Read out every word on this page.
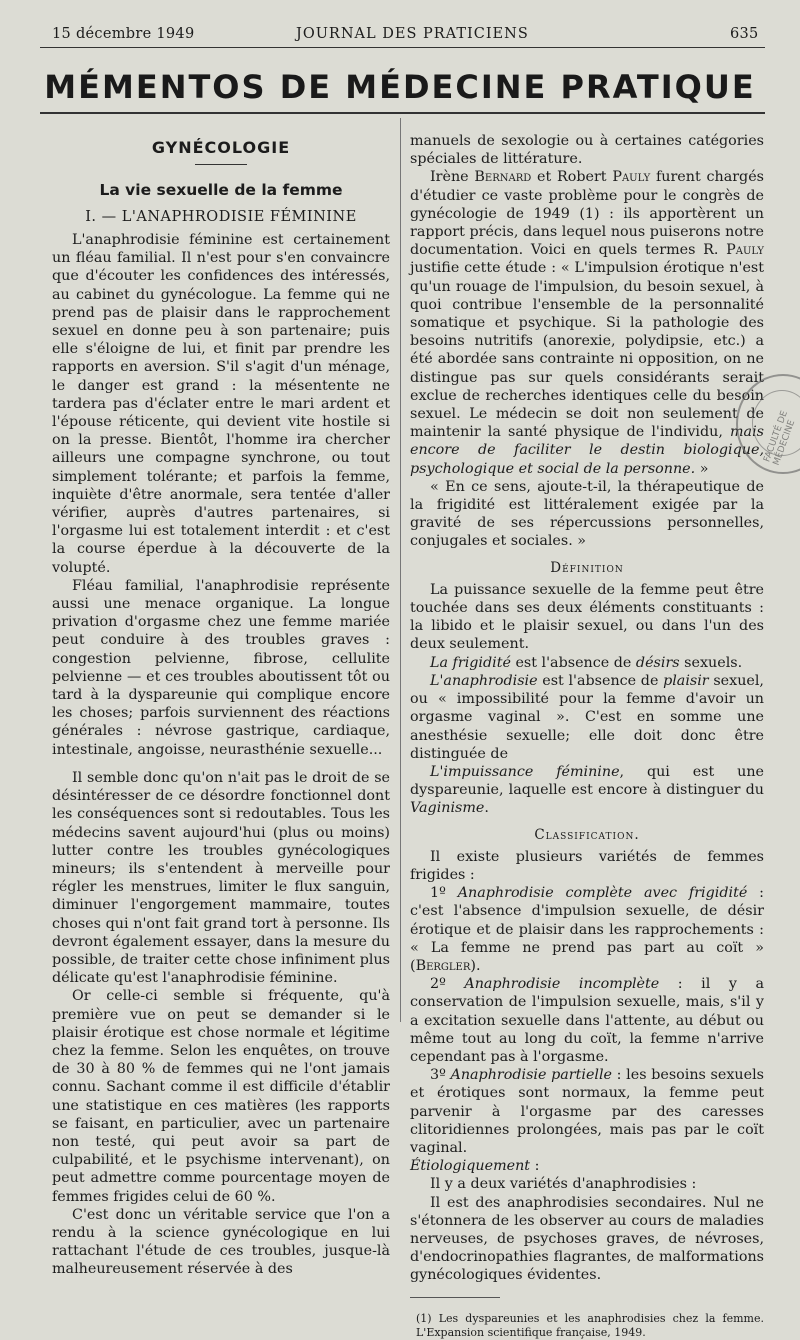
15 décembre 1949	JOURNAL DES PRATICIENS	635
MÉMENTOS DE MÉDECINE PRATIQUE
GYNÉCOLOGIE
La vie sexuelle de la femme
I. — L'ANAPHRODISIE FÉMININE

L'anaphrodisie féminine est certainement un fléau familial. Il n'est pour s'en convaincre que d'écouter les confidences des intéressés, au cabinet du gynécologue. La femme qui ne prend pas de plaisir dans le rapprochement sexuel en donne peu à son partenaire; puis elle s'éloigne de lui, et finit par prendre les rapports en aversion. S'il s'agit d'un ménage, le danger est grand : la mésentente ne tardera pas d'éclater entre le mari ardent et l'épouse réticente, qui devient vite hostile si on la presse. Bientôt, l'homme ira chercher ailleurs une compagne synchrone, ou tout simplement tolérante; et parfois la femme, inquiète d'être anormale, sera tentée d'aller vérifier, auprès d'autres partenaires, si l'orgasme lui est totalement interdit : et c'est la course éperdue à la découverte de la volupté.

Fléau familial, l'anaphrodisie représente aussi une menace organique. La longue privation d'orgasme chez une femme mariée peut conduire à des troubles graves : congestion pelvienne, fibrose, cellulite pelvienne — et ces troubles aboutissent tôt ou tard à la dyspareunie qui complique encore les choses; parfois surviennent des réactions générales : névrose gastrique, cardiaque, intestinale, angoisse, neurasthénie sexuelle...

Il semble donc qu'on n'ait pas le droit de se désintéresser de ce désordre fonctionnel dont les conséquences sont si redoutables. Tous les médecins savent aujourd'hui (plus ou moins) lutter contre les troubles gynécologiques mineurs; ils s'entendent à merveille pour régler les menstrues, limiter le flux sanguin, diminuer l'engorgement mammaire, toutes choses qui n'ont fait grand tort à personne. Ils devront également essayer, dans la mesure du possible, de traiter cette chose infiniment plus délicate qu'est l'anaphrodisie féminine.

Or celle-ci semble si fréquente, qu'à première vue on peut se demander si le plaisir érotique est chose normale et légitime chez la femme. Selon les enquêtes, on trouve de 30 à 80 % de femmes qui ne l'ont jamais connu. Sachant comme il est difficile d'établir une statistique en ces matières (les rapports se faisant, en particulier, avec un partenaire non testé, qui peut avoir sa part de culpabilité, et le psychisme intervenant), on peut admettre comme pourcentage moyen de femmes frigides celui de 60 %.

C'est donc un véritable service que l'on a rendu à la science gynécologique en lui rattachant l'étude de ces troubles, jusque-là malheureusement réservée à des

manuels de sexologie ou à certaines catégories spéciales de littérature.

Irène Bernard et Robert Pauly furent chargés d'étudier ce vaste problème pour le congrès de gynécologie de 1949 (1) : ils apportèrent un rapport précis, dans lequel nous puiserons notre documentation. Voici en quels termes R. Pauly justifie cette étude : « L'impulsion érotique n'est qu'un rouage de l'impulsion, du besoin sexuel, à quoi contribue l'ensemble de la personnalité somatique et psychique. Si la pathologie des besoins nutritifs (anorexie, polydipsie, etc.) a été abordée sans contrainte ni opposition, on ne distingue pas sur quels considérants serait exclue de recherches identiques celle du besoin sexuel. Le médecin se doit non seulement de maintenir la santé physique de l'individu, mais encore de faciliter le destin biologique, psychologique et social de la personne. »

« En ce sens, ajoute-t-il, la thérapeutique de la frigidité est littéralement exigée par la gravité de ses répercussions personnelles, conjugales et sociales. »

Définition

La puissance sexuelle de la femme peut être touchée dans ses deux éléments constituants : la libido et le plaisir sexuel, ou dans l'un des deux seulement.

La frigidité est l'absence de désirs sexuels.

L'anaphrodisie est l'absence de plaisir sexuel, ou « impossibilité pour la femme d'avoir un orgasme vaginal ». C'est en somme une anesthésie sexuelle; elle doit donc être distinguée de

L'impuissance féminine, qui est une dyspareunie, laquelle est encore à distinguer du Vaginisme.

Classification.

Il existe plusieurs variétés de femmes frigides :

1º Anaphrodisie complète avec frigidité : c'est l'absence d'impulsion sexuelle, de désir érotique et de plaisir dans les rapprochements : « La femme ne prend pas part au coït » (Bergler).

2º Anaphrodisie incomplète : il y a conservation de l'impulsion sexuelle, mais, s'il y a excitation sexuelle dans l'attente, au début ou même tout au long du coït, la femme n'arrive cependant pas à l'orgasme.

3º Anaphrodisie partielle : les besoins sexuels et érotiques sont normaux, la femme peut parvenir à l'orgasme par des caresses clitoridiennes prolongées, mais pas par le coït vaginal.

Étiologiquement :

Il y a deux variétés d'anaphrodisies :

Il est des anaphrodisies secondaires. Nul ne s'étonnera de les observer au cours de maladies nerveuses, de psychoses graves, de névroses, d'endocrinopathies flagrantes, de malformations gynécologiques évidentes.

(1) Les dyspareunies et les anaphrodisies chez la femme. L'Expansion scientifique française, 1949.

FACULTÉ DE MÉDECINE
